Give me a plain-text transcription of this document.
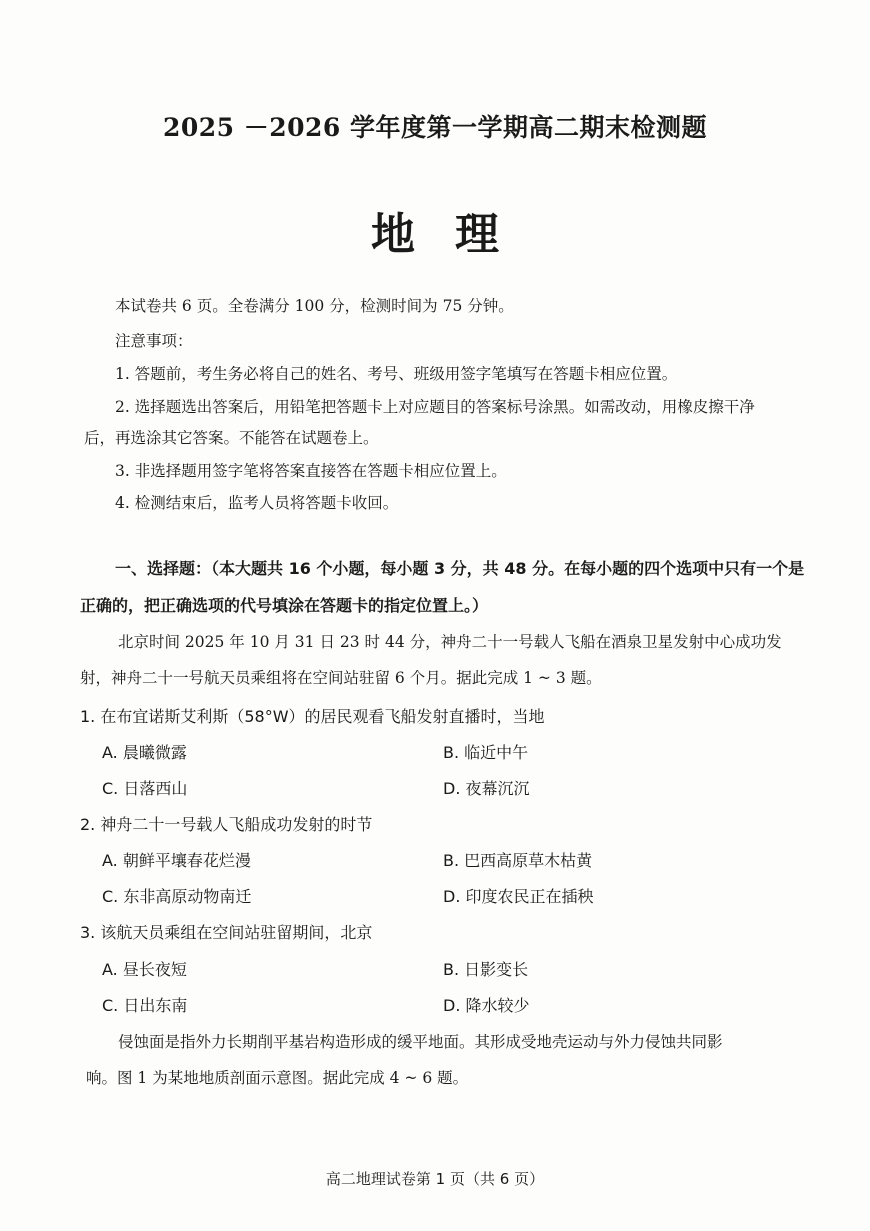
2025 －2026 学年度第一学期高二期末检测题
地理
本试卷共 6 页。全卷满分 100 分，检测时间为 75 分钟。
注意事项：
1. 答题前，考生务必将自己的姓名、考号、班级用签字笔填写在答题卡相应位置。
2. 选择题选出答案后，用铅笔把答题卡上对应题目的答案标号涂黑。如需改动，用橡皮擦干净
后，再选涂其它答案。不能答在试题卷上。
3. 非选择题用签字笔将答案直接答在答题卡相应位置上。
4. 检测结束后，监考人员将答题卡收回。
一、选择题：（本大题共 16 个小题，每小题 3 分，共 48 分。在每小题的四个选项中只有一个是
正确的，把正确选项的代号填涂在答题卡的指定位置上。）
北京时间 2025 年 10 月 31 日 23 时 44 分，神舟二十一号载人飞船在酒泉卫星发射中心成功发
射，神舟二十一号航天员乘组将在空间站驻留 6 个月。据此完成 1 ~ 3 题。
1. 在布宜诺斯艾利斯（58°W）的居民观看飞船发射直播时，当地
A. 晨曦微露	B. 临近中午
C. 日落西山	D. 夜幕沉沉
2. 神舟二十一号载人飞船成功发射的时节
A. 朝鲜平壤春花烂漫	B. 巴西高原草木枯黄
C. 东非高原动物南迁	D. 印度农民正在插秧
3. 该航天员乘组在空间站驻留期间，北京
A. 昼长夜短	B. 日影变长
C. 日出东南	D. 降水较少
侵蚀面是指外力长期削平基岩构造形成的缓平地面。其形成受地壳运动与外力侵蚀共同影
响。图 1 为某地地质剖面示意图。据此完成 4 ~ 6 题。
高二地理试卷第 1 页（共 6 页）
